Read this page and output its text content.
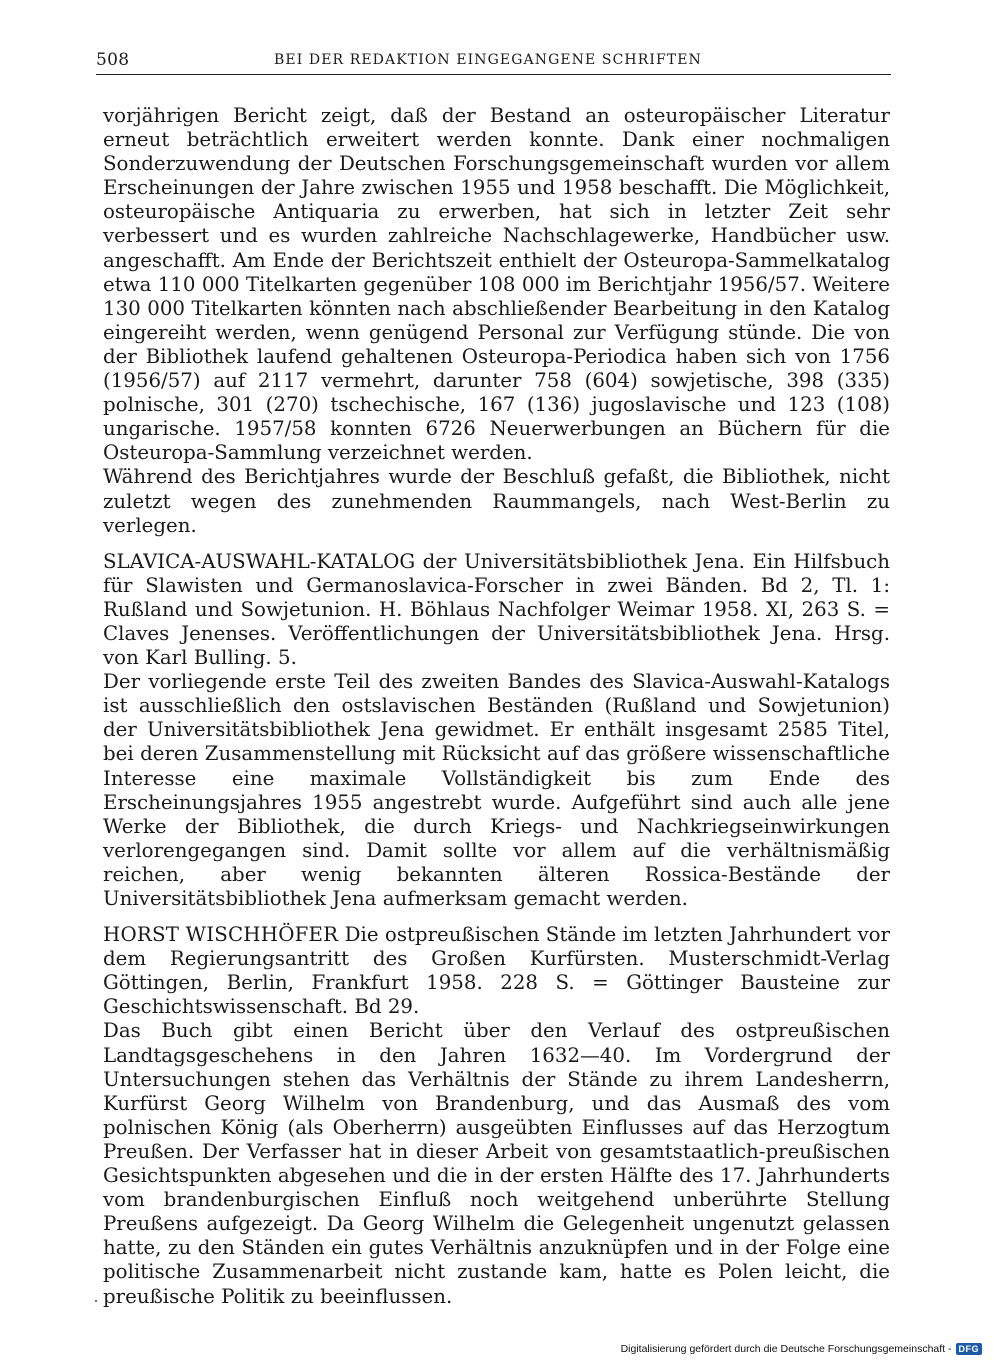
508	BEI DER REDAKTION EINGEGANGENE SCHRIFTEN

vorjährigen Bericht zeigt, daß der Bestand an osteuropäischer Literatur erneut beträchtlich erweitert werden konnte. Dank einer nochmaligen Sonderzuwendung der Deutschen Forschungsgemeinschaft wurden vor allem Erscheinungen der Jahre zwischen 1955 und 1958 beschafft. Die Möglichkeit, osteuropäische Antiquaria zu erwerben, hat sich in letzter Zeit sehr verbessert und es wurden zahlreiche Nachschlagewerke, Handbücher usw. angeschafft. Am Ende der Berichtszeit enthielt der Osteuropa-Sammelkatalog etwa 110 000 Titelkarten gegenüber 108 000 im Berichtjahr 1956/57. Weitere 130 000 Titelkarten könnten nach abschließender Bearbeitung in den Katalog eingereiht werden, wenn genügend Personal zur Verfügung stünde. Die von der Bibliothek laufend gehaltenen Osteuropa-Periodica haben sich von 1756 (1956/57) auf 2117 vermehrt, darunter 758 (604) sowjetische, 398 (335) polnische, 301 (270) tschechische, 167 (136) jugoslavische und 123 (108) ungarische. 1957/58 konnten 6726 Neuerwerbungen an Büchern für die Osteuropa-Sammlung verzeichnet werden.

Während des Berichtjahres wurde der Beschluß gefaßt, die Bibliothek, nicht zuletzt wegen des zunehmenden Raummangels, nach West-Berlin zu verlegen.

SLAVICA-AUSWAHL-KATALOG der Universitätsbibliothek Jena. Ein Hilfsbuch für Slawisten und Germanoslavica-Forscher in zwei Bänden. Bd 2, Tl. 1: Rußland und Sowjetunion. H. Böhlaus Nachfolger Weimar 1958. XI, 263 S. = Claves Jenenses. Veröffentlichungen der Universitätsbibliothek Jena. Hrsg. von Karl Bulling. 5.

Der vorliegende erste Teil des zweiten Bandes des Slavica-Auswahl-Katalogs ist ausschließlich den ostslavischen Beständen (Rußland und Sowjetunion) der Universitätsbibliothek Jena gewidmet. Er enthält insgesamt 2585 Titel, bei deren Zusammenstellung mit Rücksicht auf das größere wissenschaftliche Interesse eine maximale Vollständigkeit bis zum Ende des Erscheinungsjahres 1955 angestrebt wurde. Aufgeführt sind auch alle jene Werke der Bibliothek, die durch Kriegs- und Nachkriegseinwirkungen verlorengegangen sind. Damit sollte vor allem auf die verhältnismäßig reichen, aber wenig bekannten älteren Rossica-Bestände der Universitätsbibliothek Jena aufmerksam gemacht werden.

HORST WISCHHÖFER Die ostpreußischen Stände im letzten Jahrhundert vor dem Regierungsantritt des Großen Kurfürsten. Musterschmidt-Verlag Göttingen, Berlin, Frankfurt 1958. 228 S. = Göttinger Bausteine zur Geschichtswissenschaft. Bd 29.

Das Buch gibt einen Bericht über den Verlauf des ostpreußischen Landtagsgeschehens in den Jahren 1632—40. Im Vordergrund der Untersuchungen stehen das Verhältnis der Stände zu ihrem Landesherrn, Kurfürst Georg Wilhelm von Brandenburg, und das Ausmaß des vom polnischen König (als Oberherrn) ausgeübten Einflusses auf das Herzogtum Preußen. Der Verfasser hat in dieser Arbeit von gesamtstaatlich-preußischen Gesichtspunkten abgesehen und die in der ersten Hälfte des 17. Jahrhunderts vom brandenburgischen Einfluß noch weitgehend unberührte Stellung Preußens aufgezeigt. Da Georg Wilhelm die Gelegenheit ungenutzt gelassen hatte, zu den Ständen ein gutes Verhältnis anzuknüpfen und in der Folge eine politische Zusammenarbeit nicht zustande kam, hatte es Polen leicht, die preußische Politik zu beeinflussen.

Digitalisierung gefördert durch die Deutsche Forschungsgemeinschaft - DFG
